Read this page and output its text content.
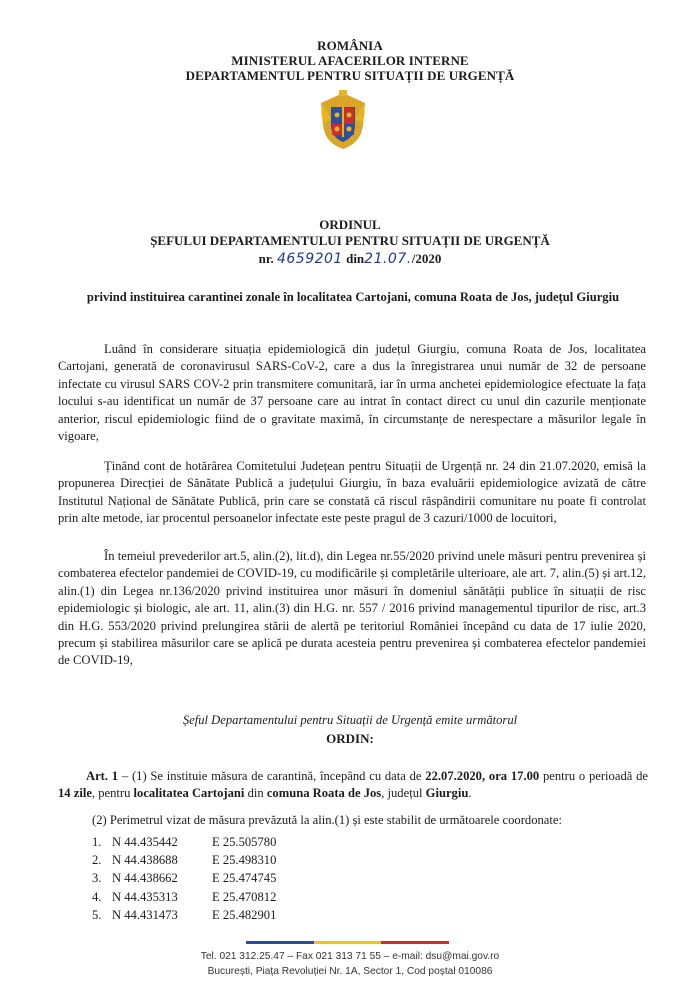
ROMÂNIA
MINISTERUL AFACERILOR INTERNE
DEPARTAMENTUL PENTRU SITUAȚII DE URGENȚĂ
ORDINUL
ȘEFULUI DEPARTAMENTULUI PENTRU SITUAȚII DE URGENȚĂ
nr. 4659201 din21.07./2020
privind instituirea carantinei zonale în localitatea Cartojani, comuna Roata de Jos, județul Giurgiu
Luând în considerare situația epidemiologică din județul Giurgiu, comuna Roata de Jos, localitatea Cartojani, generată de coronavirusul SARS-CoV-2, care a dus la înregistrarea unui număr de 32 de persoane infectate cu virusul SARS COV-2 prin transmitere comunitară, iar în urma anchetei epidemiologice efectuate la fața locului s-au identificat un număr de 37 persoane care au intrat în contact direct cu unul din cazurile menționate anterior, riscul epidemiologic fiind de o gravitate maximă, în circumstanțe de nerespectare a măsurilor legale în vigoare,
Ținând cont de hotărârea Comitetului Județean pentru Situații de Urgență nr. 24 din 21.07.2020, emisă la propunerea Direcției de Sănătate Publică a județului Giurgiu, în baza evaluării epidemiologice avizată de către Institutul Național de Sănătate Publică, prin care se constată că riscul răspândirii comunitare nu poate fi controlat prin alte metode, iar procentul persoanelor infectate este peste pragul de 3 cazuri/1000 de locuitori,
În temeiul prevederilor art.5, alin.(2), lit.d), din Legea nr.55/2020 privind unele măsuri pentru prevenirea și combaterea efectelor pandemiei de COVID-19, cu modificările și completările ulterioare, ale art. 7, alin.(5) și art.12, alin.(1) din Legea nr.136/2020 privind instituirea unor măsuri în domeniul sănătății publice în situații de risc epidemiologic și biologic, ale art. 11, alin.(3) din H.G. nr. 557 / 2016 privind managementul tipurilor de risc, art.3 din H.G. 553/2020 privind prelungirea stării de alertă pe teritoriul României începând cu data de 17 iulie 2020, precum și stabilirea măsurilor care se aplică pe durata acesteia pentru prevenirea și combaterea efectelor pandemiei de COVID-19,
Șeful Departamentului pentru Situații de Urgență emite următorul
ORDIN:
Art. 1 – (1) Se instituie măsura de carantină, începând cu data de 22.07.2020, ora 17.00 pentru o perioadă de 14 zile, pentru localitatea Cartojani din comuna Roata de Jos, județul Giurgiu.
(2) Perimetrul vizat de măsura prevăzută la alin.(1) și este stabilit de următoarele coordonate:
1. N 44.435442	E 25.505780
2. N 44.438688	E 25.498310
3. N 44.438662	E 25.474745
4. N 44.435313	E 25.470812
5. N 44.431473	E 25.482901
Tel. 021 312.25.47 – Fax 021 313 71 55 – e-mail: dsu@mai.gov.ro
București, Piața Revoluției Nr. 1A, Sector 1, Cod poștal 010086
